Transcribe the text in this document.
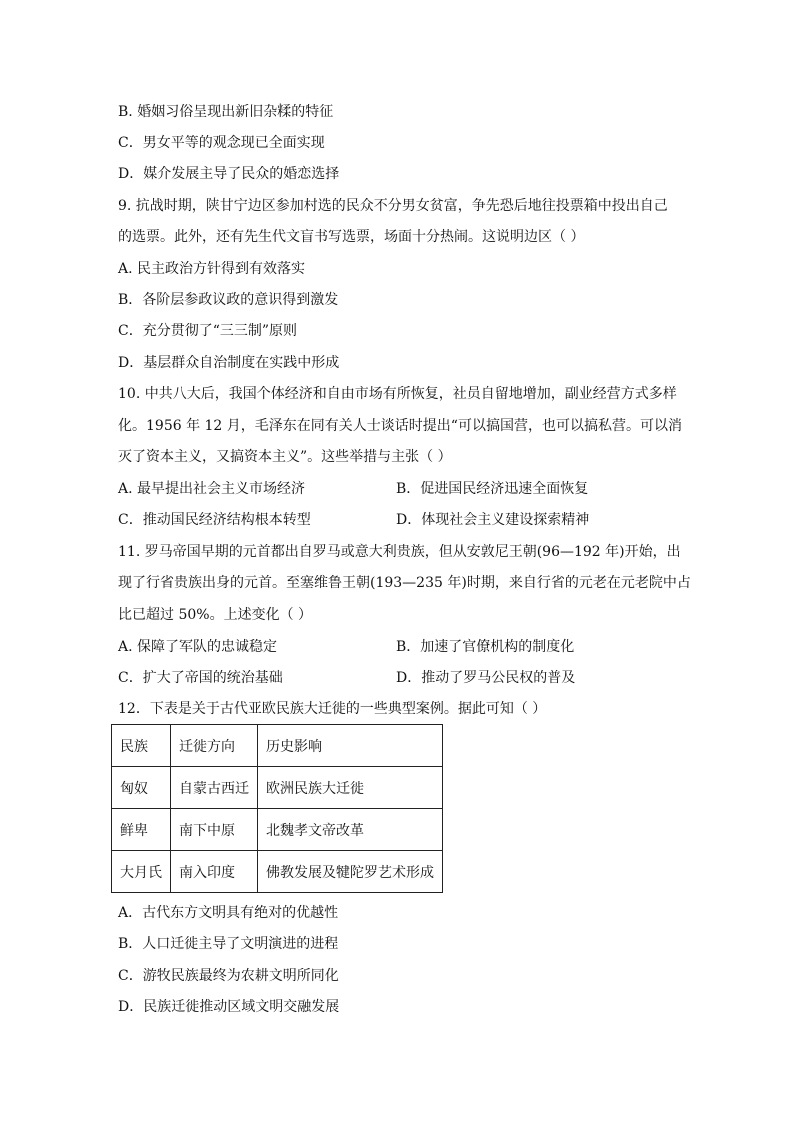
B. 婚姻习俗呈现出新旧杂糅的特征
C．男女平等的观念现已全面实现
D．媒介发展主导了民众的婚恋选择
9. 抗战时期，陕甘宁边区参加村选的民众不分男女贫富，争先恐后地往投票箱中投出自己
的选票。此外，还有先生代文盲书写选票，场面十分热闹。这说明边区（ ）
A. 民主政治方针得到有效落实
B．各阶层参政议政的意识得到激发
C．充分贯彻了“三三制”原则
D．基层群众自治制度在实践中形成
10. 中共八大后，我国个体经济和自由市场有所恢复，社员自留地增加，副业经营方式多样
化。1956 年 12 月，毛泽东在同有关人士谈话时提出“可以搞国营，也可以搞私营。可以消
灭了资本主义，又搞资本主义”。这些举措与主张（ ）
A. 最早提出社会主义市场经济	B．促进国民经济迅速全面恢复
C．推动国民经济结构根本转型	D．体现社会主义建设探索精神
11. 罗马帝国早期的元首都出自罗马或意大利贵族，但从安敦尼王朝(96—192 年)开始，出
现了行省贵族出身的元首。至塞维鲁王朝(193—235 年)时期，来自行省的元老在元老院中占
比已超过 50%。上述变化（ ）
A. 保障了军队的忠诚稳定	B．加速了官僚机构的制度化
C．扩大了帝国的统治基础	D．推动了罗马公民权的普及
12．下表是关于古代亚欧民族大迁徙的一些典型案例。据此可知（ ）
民族	迁徙方向	历史影响
匈奴	自蒙古西迁	欧洲民族大迁徙
鲜卑	南下中原	北魏孝文帝改革
大月氏	南入印度	佛教发展及犍陀罗艺术形成
A．古代东方文明具有绝对的优越性
B．人口迁徙主导了文明演进的进程
C．游牧民族最终为农耕文明所同化
D．民族迁徙推动区域文明交融发展
